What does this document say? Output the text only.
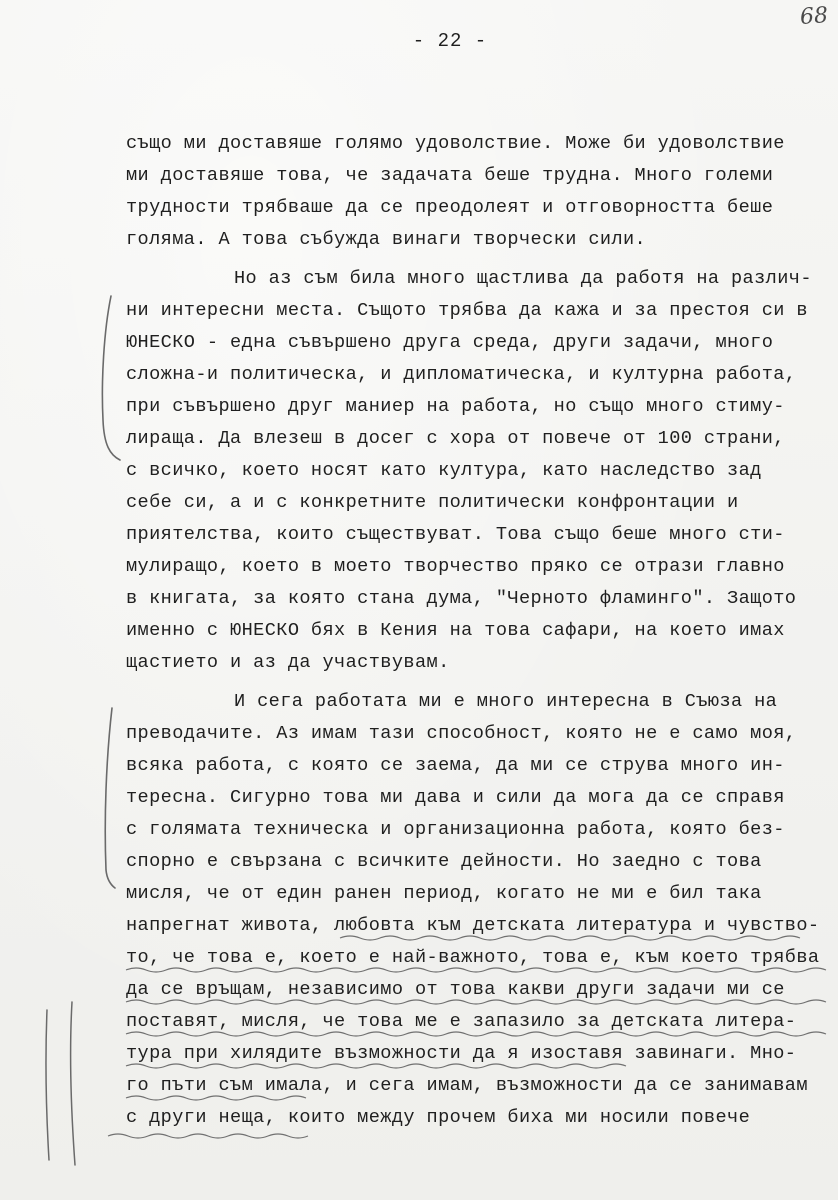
68
- 22 -
също ми доставяше голямо удоволствие. Може би удоволствие
ми доставяше това, че задачата беше трудна. Много големи
трудности трябваше да се преодолеят и отговорността беше
голяма. А това събужда винаги творчески сили.
Но аз съм била много щастлива да работя на различ-
ни интересни места. Същото трябва да кажа и за престоя си в
ЮНЕСКО - една съвършено друга среда, други задачи, много
сложна-и политическа, и дипломатическа, и културна работа,
при съвършено друг маниер на работа, но също много стиму-
лираща. Да влезеш в досег с хора от повече от 100 страни,
с всичко, което носят като култура, като наследство зад
себе си, а и с конкретните политически конфронтации и
приятелства, които съществуват. Това също беше много сти-
мулиращо, което в моето творчество пряко се отрази главно
в книгата, за която стана дума, "Черното фламинго". Защото
именно с ЮНЕСКО бях в Кения на това сафари, на което имах
щастието и аз да участвувам.
И сега работата ми е много интересна в Съюза на
преводачите. Аз имам тази способност, която не е само моя,
всяка работа, с която се заема, да ми се струва много ин-
тересна. Сигурно това ми дава и сили да мога да се справя
с голямата техническа и организационна работа, която без-
спорно е свързана с всичките дейности. Но заедно с това
мисля, че от един ранен период, когато не ми е бил така
напрегнат живота, любовта към детската литература и чувство-
то, че това е, което е най-важното, това е, към което трябва
да се връщам, независимо от това какви други задачи ми се
поставят, мисля, че това ме е запазило за детската литера-
тура при хилядите възможности да я изоставя завинаги. Мно-
го пъти съм имала, и сега имам, възможности да се занимавам
с други неща, които между прочем биха ми носили повече
